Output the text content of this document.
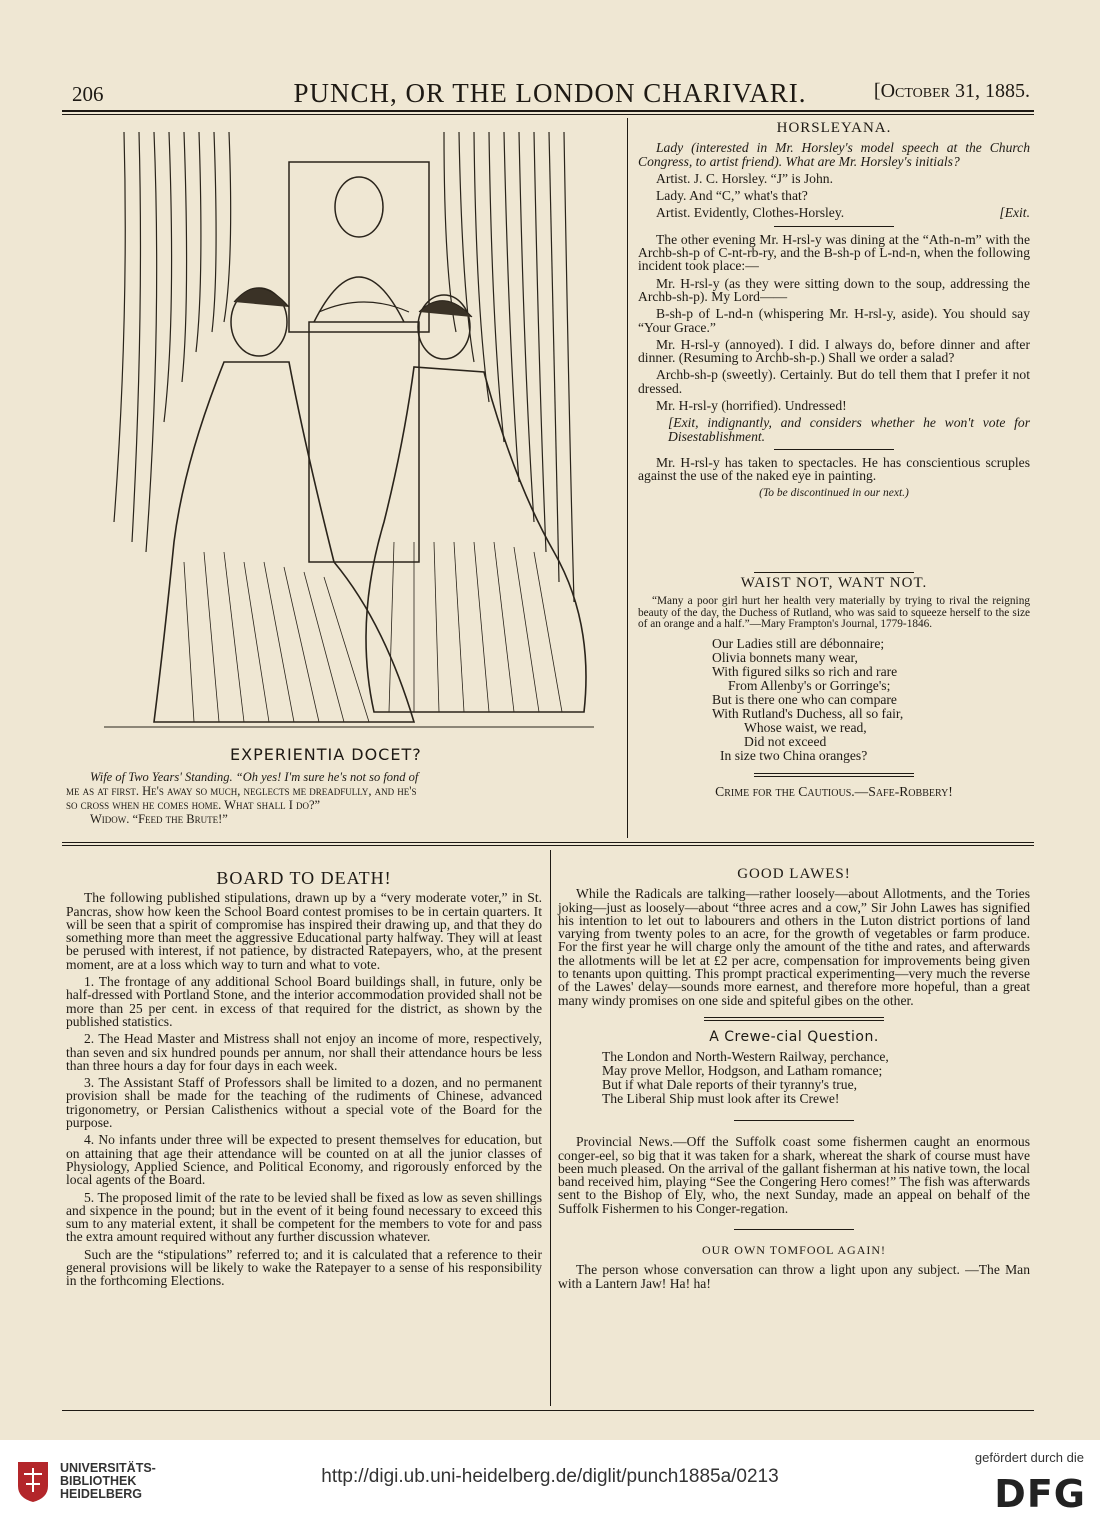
206	PUNCH, OR THE LONDON CHARIVARI.	[October 31, 1885.
EXPERIENTIA DOCET?
Wife of Two Years' Standing. “Oh yes! I'm sure he's not so fond of
me as at first. He's away so much, neglects me dreadfully, and he's
so cross when he comes home. What shall I do?”
Widow. “Feed the Brute!”
HORSLEYANA.

Lady (interested in Mr. Horsley's model speech at the Church Congress, to artist friend). What are Mr. Horsley's initials?

Artist. J. C. Horsley. “J” is John.

Lady. And “C,” what's that?

Artist. Evidently, Clothes-Horsley.	[Exit.

The other evening Mr. H-rsl-y was dining at the “Ath-n-m” with the Archb-sh-p of C-nt-rb-ry, and the B-sh-p of L-nd-n, when the following incident took place:—

Mr. H-rsl-y (as they were sitting down to the soup, addressing the Archb-sh-p). My Lord——

B-sh-p of L-nd-n (whispering Mr. H-rsl-y, aside). You should say “Your Grace.”

Mr. H-rsl-y (annoyed). I did. I always do, before dinner and after dinner. (Resuming to Archb-sh-p.) Shall we order a salad?

Archb-sh-p (sweetly). Certainly. But do tell them that I prefer it not dressed.

Mr. H-rsl-y (horrified). Undressed!

[Exit, indignantly, and considers whether he won't vote for Disestablishment.

Mr. H-rsl-y has taken to spectacles. He has conscientious scruples against the use of the naked eye in painting.

(To be discontinued in our next.)

WAIST NOT, WANT NOT.
“Many a poor girl hurt her health very materially by trying to rival the reigning beauty of the day, the Duchess of Rutland, who was said to squeeze herself to the size of an orange and a half.”—Mary Frampton's Journal, 1779-1846.
Our Ladies still are débonnaire;
Olivia bonnets many wear,
With figured silks so rich and rare
From Allenby's or Gorringe's;
But is there one who can compare
With Rutland's Duchess, all so fair,
Whose waist, we read,
Did not exceed
In size two China oranges?
Crime for the Cautious.—Safe-Robbery!
BOARD TO DEATH!

The following published stipulations, drawn up by a “very moderate voter,” in St. Pancras, show how keen the School Board contest promises to be in certain quarters. It will be seen that a spirit of compromise has inspired their drawing up, and that they do something more than meet the aggressive Educational party halfway. They will at least be perused with interest, if not patience, by distracted Ratepayers, who, at the present moment, are at a loss which way to turn and what to vote.

1. The frontage of any additional School Board buildings shall, in future, only be half-dressed with Portland Stone, and the interior accommodation provided shall not be more than 25 per cent. in excess of that required for the district, as shown by the published statistics.

2. The Head Master and Mistress shall not enjoy an income of more, respectively, than seven and six hundred pounds per annum, nor shall their attendance hours be less than three hours a day for four days in each week.

3. The Assistant Staff of Professors shall be limited to a dozen, and no permanent provision shall be made for the teaching of the rudiments of Chinese, advanced trigonometry, or Persian Calisthenics without a special vote of the Board for the purpose.

4. No infants under three will be expected to present themselves for education, but on attaining that age their attendance will be counted on at all the junior classes of Physiology, Applied Science, and Political Economy, and rigorously enforced by the local agents of the Board.

5. The proposed limit of the rate to be levied shall be fixed as low as seven shillings and sixpence in the pound; but in the event of it being found necessary to exceed this sum to any material extent, it shall be competent for the members to vote for and pass the extra amount required without any further discussion whatever.

Such are the “stipulations” referred to; and it is calculated that a reference to their general provisions will be likely to wake the Ratepayer to a sense of his responsibility in the forthcoming Elections.

GOOD LAWES!

While the Radicals are talking—rather loosely—about Allotments, and the Tories joking—just as loosely—about “three acres and a cow,” Sir John Lawes has signified his intention to let out to labourers and others in the Luton district portions of land varying from twenty poles to an acre, for the growth of vegetables or farm produce. For the first year he will charge only the amount of the tithe and rates, and afterwards the allotments will be let at £2 per acre, compensation for improvements being given to tenants upon quitting. This prompt practical experimenting—very much the reverse of the Lawes' delay—sounds more earnest, and therefore more hopeful, than a great many windy promises on one side and spiteful gibes on the other.

A Crewe-cial Question.
The London and North-Western Railway, perchance,
May prove Mellor, Hodgson, and Latham romance;
But if what Dale reports of their tyranny's true,
The Liberal Ship must look after its Crewe!

Provincial News.—Off the Suffolk coast some fishermen caught an enormous conger-eel, so big that it was taken for a shark, whereat the shark of course must have been much pleased. On the arrival of the gallant fisherman at his native town, the local band received him, playing “See the Congering Hero comes!” The fish was afterwards sent to the Bishop of Ely, who, the next Sunday, made an appeal on behalf of the Suffolk Fishermen to his Conger-regation.

OUR OWN TOMFOOL AGAIN!

The person whose conversation can throw a light upon any subject. —The Man with a Lantern Jaw! Ha! ha!

UNIVERSITÄTS-
BIBLIOTHEK
HEIDELBERG
http://digi.ub.uni-heidelberg.de/diglit/punch1885a/0213
gefördert durch die
DFG
